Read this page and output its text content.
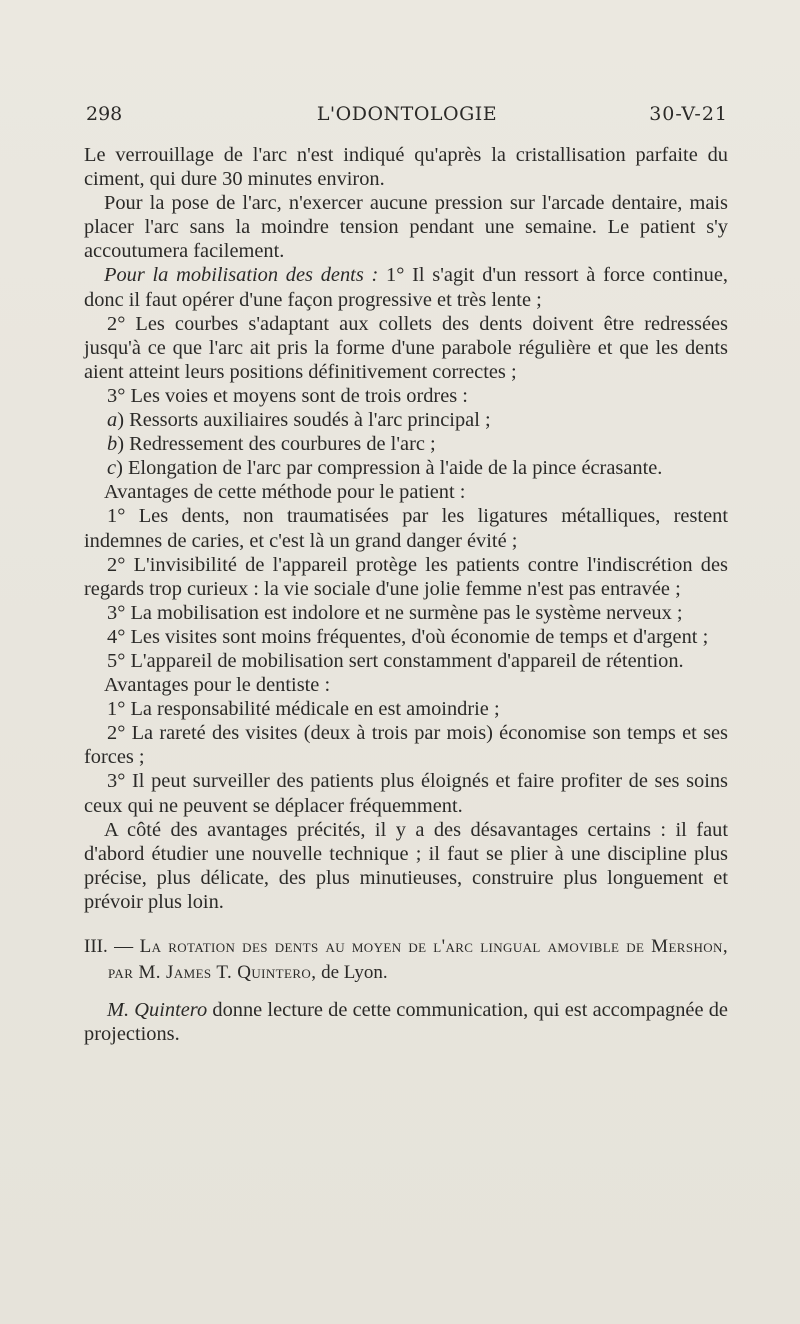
298	L'ODONTOLOGIE	30-V-21

Le verrouillage de l'arc n'est indiqué qu'après la cristallisation parfaite du ciment, qui dure 30 minutes environ.

Pour la pose de l'arc, n'exercer aucune pression sur l'arcade dentaire, mais placer l'arc sans la moindre tension pendant une semaine. Le patient s'y accoutumera facilement.

Pour la mobilisation des dents : 1° Il s'agit d'un ressort à force continue, donc il faut opérer d'une façon progressive et très lente ;

2° Les courbes s'adaptant aux collets des dents doivent être redressées jusqu'à ce que l'arc ait pris la forme d'une parabole régulière et que les dents aient atteint leurs positions définitivement correctes ;

3° Les voies et moyens sont de trois ordres :

a) Ressorts auxiliaires soudés à l'arc principal ;

b) Redressement des courbures de l'arc ;

c) Elongation de l'arc par compression à l'aide de la pince écrasante.

Avantages de cette méthode pour le patient :

1° Les dents, non traumatisées par les ligatures métalliques, restent indemnes de caries, et c'est là un grand danger évité ;

2° L'invisibilité de l'appareil protège les patients contre l'indiscrétion des regards trop curieux : la vie sociale d'une jolie femme n'est pas entravée ;

3° La mobilisation est indolore et ne surmène pas le système nerveux ;

4° Les visites sont moins fréquentes, d'où économie de temps et d'argent ;

5° L'appareil de mobilisation sert constamment d'appareil de rétention.

Avantages pour le dentiste :

1° La responsabilité médicale en est amoindrie ;

2° La rareté des visites (deux à trois par mois) économise son temps et ses forces ;

3° Il peut surveiller des patients plus éloignés et faire profiter de ses soins ceux qui ne peuvent se déplacer fréquemment.

A côté des avantages précités, il y a des désavantages certains : il faut d'abord étudier une nouvelle technique ; il faut se plier à une discipline plus précise, plus délicate, des plus minutieuses, construire plus longuement et prévoir plus loin.

III. — La rotation des dents au moyen de l'arc lingual amovible de Mershon, par M. James T. Quintero, de Lyon.

M. Quintero donne lecture de cette communication, qui est accompagnée de projections.
